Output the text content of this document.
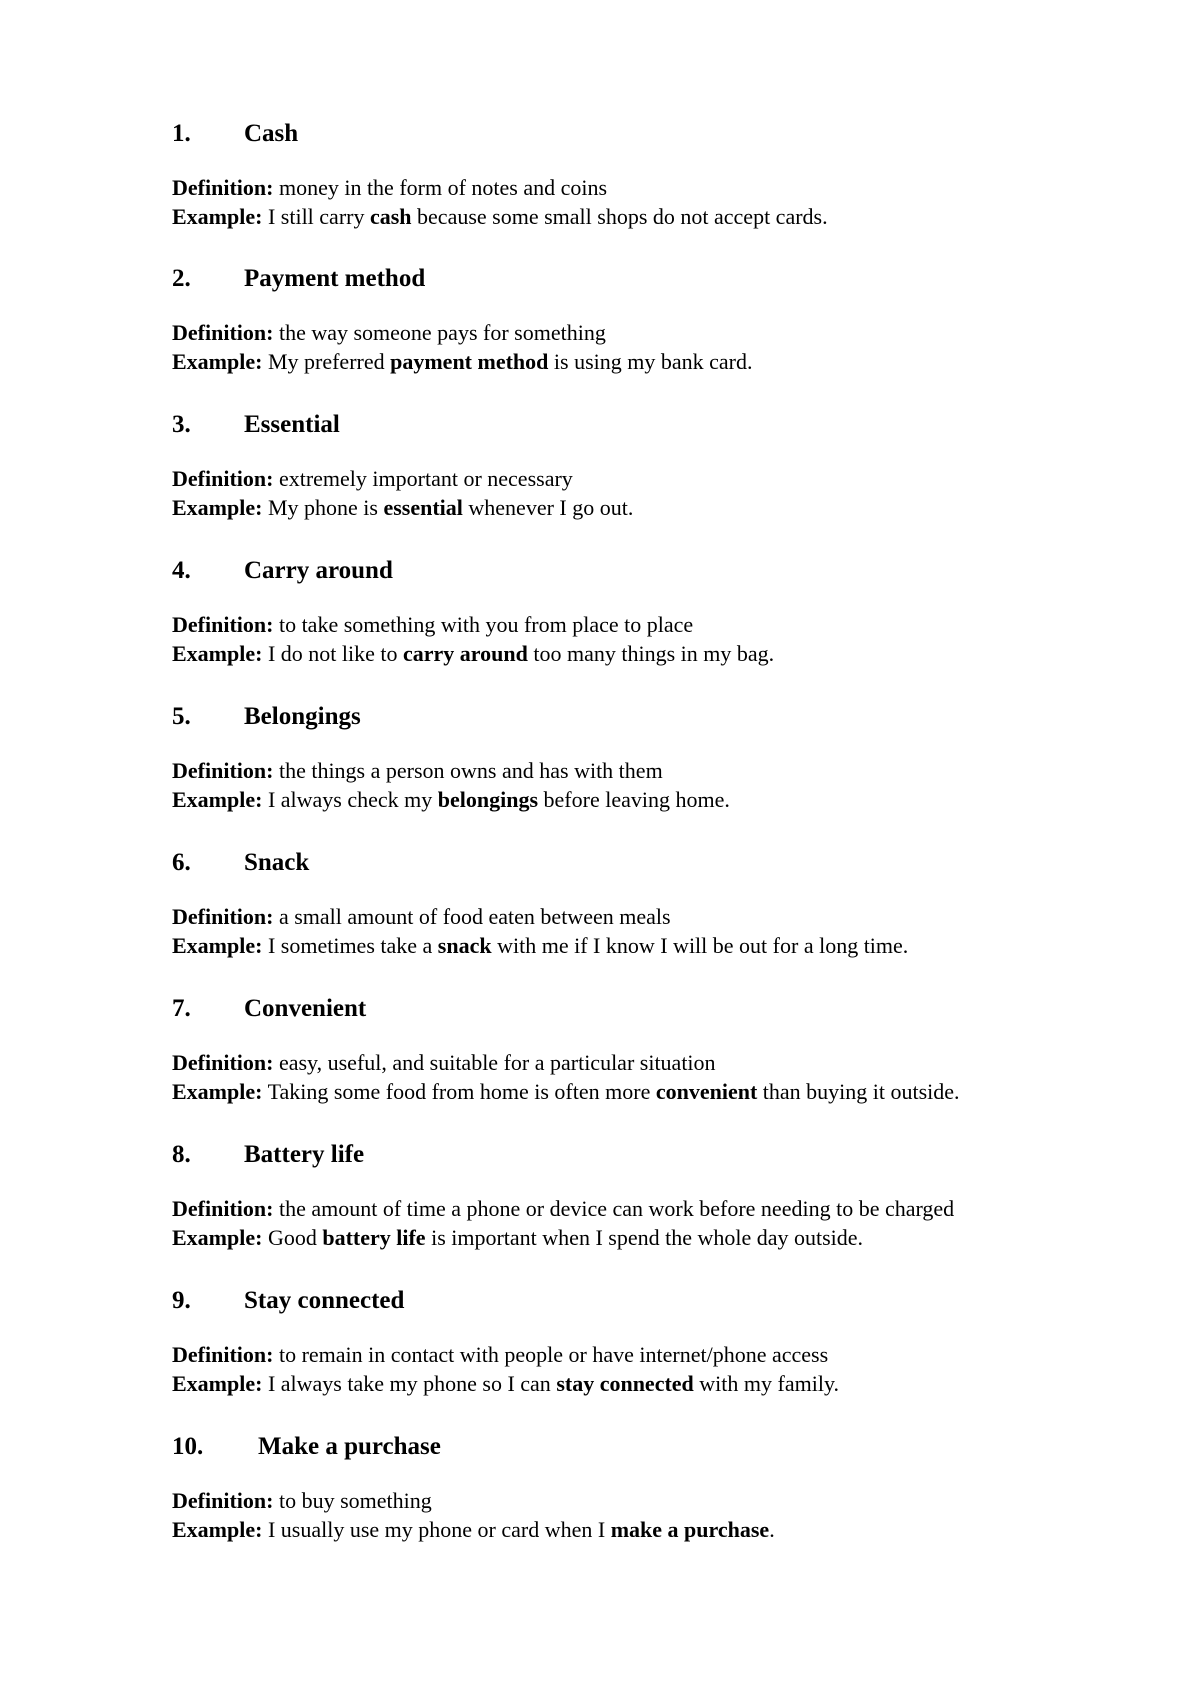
1. Cash
Definition: money in the form of notes and coins
Example: I still carry cash because some small shops do not accept cards.
2. Payment method
Definition: the way someone pays for something
Example: My preferred payment method is using my bank card.
3. Essential
Definition: extremely important or necessary
Example: My phone is essential whenever I go out.
4. Carry around
Definition: to take something with you from place to place
Example: I do not like to carry around too many things in my bag.
5. Belongings
Definition: the things a person owns and has with them
Example: I always check my belongings before leaving home.
6. Snack
Definition: a small amount of food eaten between meals
Example: I sometimes take a snack with me if I know I will be out for a long time.
7. Convenient
Definition: easy, useful, and suitable for a particular situation
Example: Taking some food from home is often more convenient than buying it outside.
8. Battery life
Definition: the amount of time a phone or device can work before needing to be charged
Example: Good battery life is important when I spend the whole day outside.
9. Stay connected
Definition: to remain in contact with people or have internet/phone access
Example: I always take my phone so I can stay connected with my family.
10. Make a purchase
Definition: to buy something
Example: I usually use my phone or card when I make a purchase.
